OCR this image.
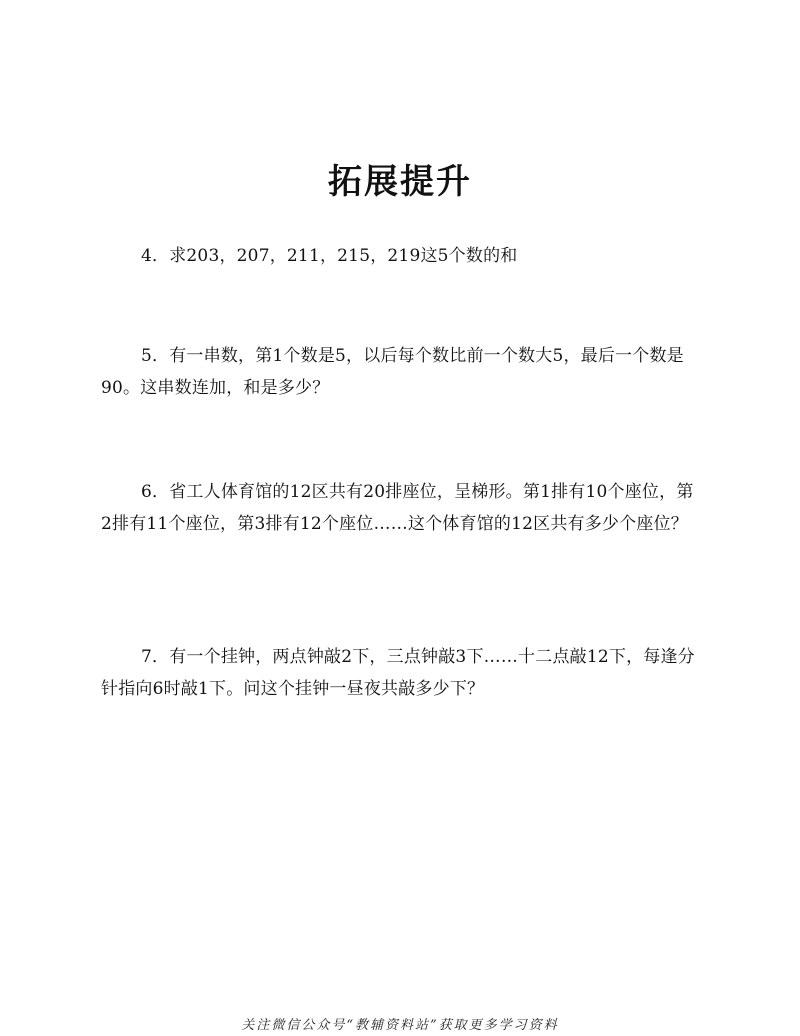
拓展提升
4．求203，207，211，215，219这5个数的和
5．有一串数，第1个数是5，以后每个数比前一个数大5，最后一个数是90。这串数连加，和是多少？
6．省工人体育馆的12区共有20排座位，呈梯形。第1排有10个座位，第2排有11个座位，第3排有12个座位……这个体育馆的12区共有多少个座位？
7．有一个挂钟，两点钟敲2下，三点钟敲3下……十二点敲12下，每逢分针指向6时敲1下。问这个挂钟一昼夜共敲多少下？
关注微信公众号“教辅资料站”获取更多学习资料
